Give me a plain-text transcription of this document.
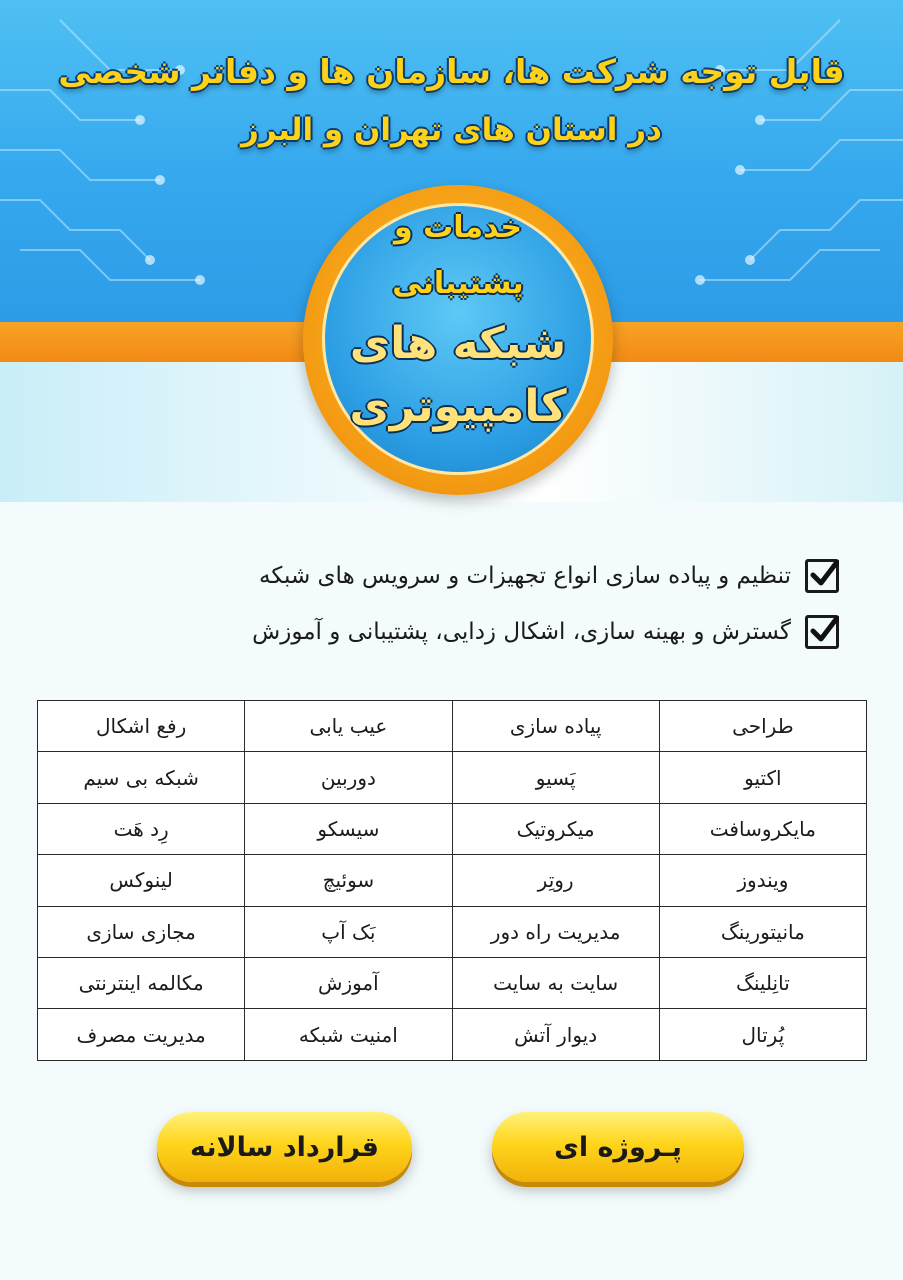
قابل توجه شرکت ها، سازمان ها و دفاتر شخصی
در استان های تهران و البرز
خدمات و
پشتیبانی
شبکه های
کامپیوتری
تنظیم و پیاده سازی انواع تجهیزات و سرویس های شبکه
گسترش و بهینه سازی، اشکال زدایی، پشتیبانی و آموزش
طراحی	پیاده سازی	عیب یابی	رفع اشکال
اکتیو	پَسیو	دوربین	شبکه بی سیم
مایکروسافت	میکروتیک	سیسکو	رِد هَت
ویندوز	روتِر	سوئیچ	لینوکس
مانیتورینگ	مدیریت راه دور	بَک آپ	مجازی سازی
تانِلینگ	سایت به سایت	آموزش	مکالمه اینترنتی
پُرتال	دیوار آتش	امنیت شبکه	مدیریت مصرف
پـروژه ای
قرارداد سالانه
